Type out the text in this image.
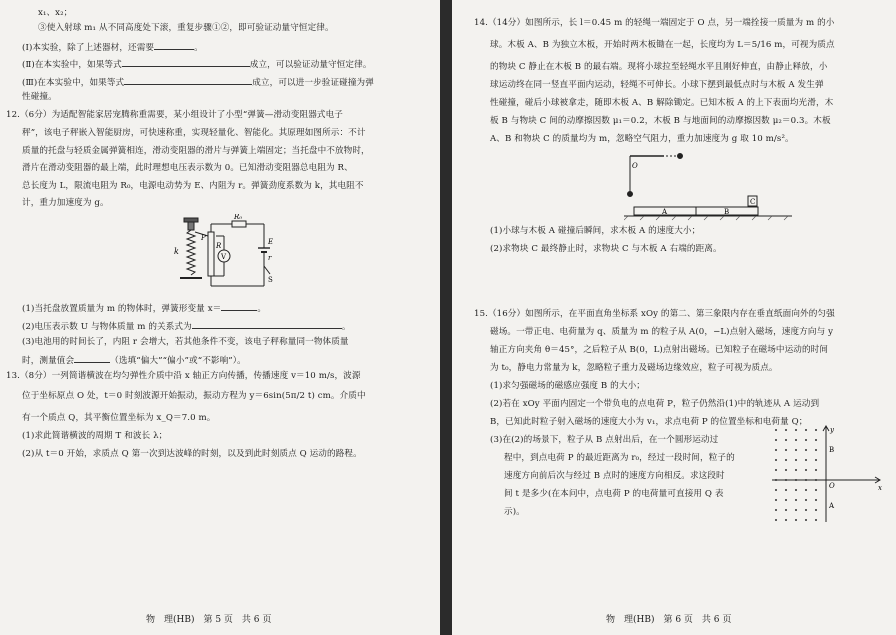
x₁、x₂；
③使入射球 m₁ 从不同高度处下滚，重复步骤①②，即可验证动量守恒定律。
(Ⅰ)本实验，除了上述器材，还需要	。
(Ⅱ)在本实验中，如果等式	成立，可以验证动量守恒定律。
(Ⅲ)在本实验中，如果等式	成立，可以进一步验证碰撞为弹
性碰撞。
12.（6分）为适配智能家居宠腾称重需要，某小组设计了小型“弹簧—滑动变阻器式电子
秤”，该电子秤嵌入智能厨房，可快速称重，实现轻量化、智能化。其原理如图所示：不计
质量的托盘与轻质金属弹簧相连，滑动变阻器的滑片与弹簧上端固定；当托盘中不放物时，
滑片在滑动变阻器的最上端，此时理想电压表示数为 0。已知滑动变阻器总电阻为 R、
总长度为 L，限流电阻为 R₀，电源电动势为 E、内阻为 r。弹簧劲度系数为 k，其电阻不
计，重力加速度为 g。
k
P
R
R₀
V
E
r
S
(1)当托盘放置质量为 m 的物体时，弹簧形变量 x＝	。
(2)电压表示数 U 与物体质量 m 的关系式为	。
(3)电池用的时间长了，内阻 r 会增大，若其他条件不变，该电子秤称量同一物体质量
时，测量值会	（选填“偏大”“偏小”或“不影响”）。
13.（8分）一列简谐横波在均匀弹性介质中沿 x 轴正方向传播，传播速度 v＝10 m/s，波源
位于坐标原点 O 处，t＝0 时刻波源开始振动，振动方程为 y＝6sin(5π/2 t) cm。介质中
有一个质点 Q，其平衡位置坐标为 x_Q＝7.0 m。
(1)求此简谐横波的周期 T 和波长 λ；
(2)从 t＝0 开始，求质点 Q 第一次到达波峰的时刻，以及到此时刻质点 Q 运动的路程。
物　理(HB)　第 5 页　共 6 页
14.（14分）如图所示，长 l＝0.45 m 的轻绳一端固定于 O 点，另一端拴接一质量为 m 的小
球。木板 A、B 为独立木板，开始时两木板锄在一起，长度均为 L＝5/16 m，可视为质点
的物块 C 静止在木板 B 的最右端。现将小球拉至轻绳水平且刚好伸直，由静止释放，小
球运动终在同一竖直平面内运动，轻绳不可伸长。小球下摆到最低点时与木板 A 发生弹
性碰撞，碰后小球被拿走，随即木板 A、B 解除锄定。已知木板 A 的上下表面均光滑，木
板 B 与物块 C 间的动摩擦因数 μ₁＝0.2，木板 B 与地面间的动摩擦因数 μ₂＝0.3。木板
A、B 和物块 C 的质量均为 m，忽略空气阻力，重力加速度为 g 取 10 m/s²。
O
A	B
C
(1)小球与木板 A 碰撞后瞬间，求木板 A 的速度大小；
(2)求物块 C 最终静止时，求物块 C 与木板 A 右端的距离。
15.（16分）如图所示，在平面直角坐标系 xOy 的第二、第三象限内存在垂直纸面向外的匀强
磁场。一带正电、电荷量为 q、质量为 m 的粒子从 A(0，−L)点射入磁场，速度方向与 y
轴正方向夹角 θ＝45°，之后粒子从 B(0，L)点射出磁场。已知粒子在磁场中运动的时间
为 t₀，静电力常量为 k，忽略粒子重力及磁场边缘效应，粒子可视为质点。
(1)求匀强磁场的磁感应强度 B 的大小；
(2)若在 xOy 平面内固定一个带负电的点电荷 P，粒子仍然沿(1)中的轨迹从 A 运动到
B，已知此时粒子射入磁场的速度大小为 v₁，求点电荷 P 的位置坐标和电荷量 Q；
(3)在(2)的场景下，粒子从 B 点射出后，在一个圆形运动过
程中，到点电荷 P 的最近距离为 r₀，经过一段时间，粒子的
速度方向前后次与经过 B 点时的速度方向相反。求这段时
间 t 是多少(在本问中，点电荷 P 的电荷量可直接用 Q 表
示)。
y
x
O
B
A
物　理(HB)　第 6 页　共 6 页
